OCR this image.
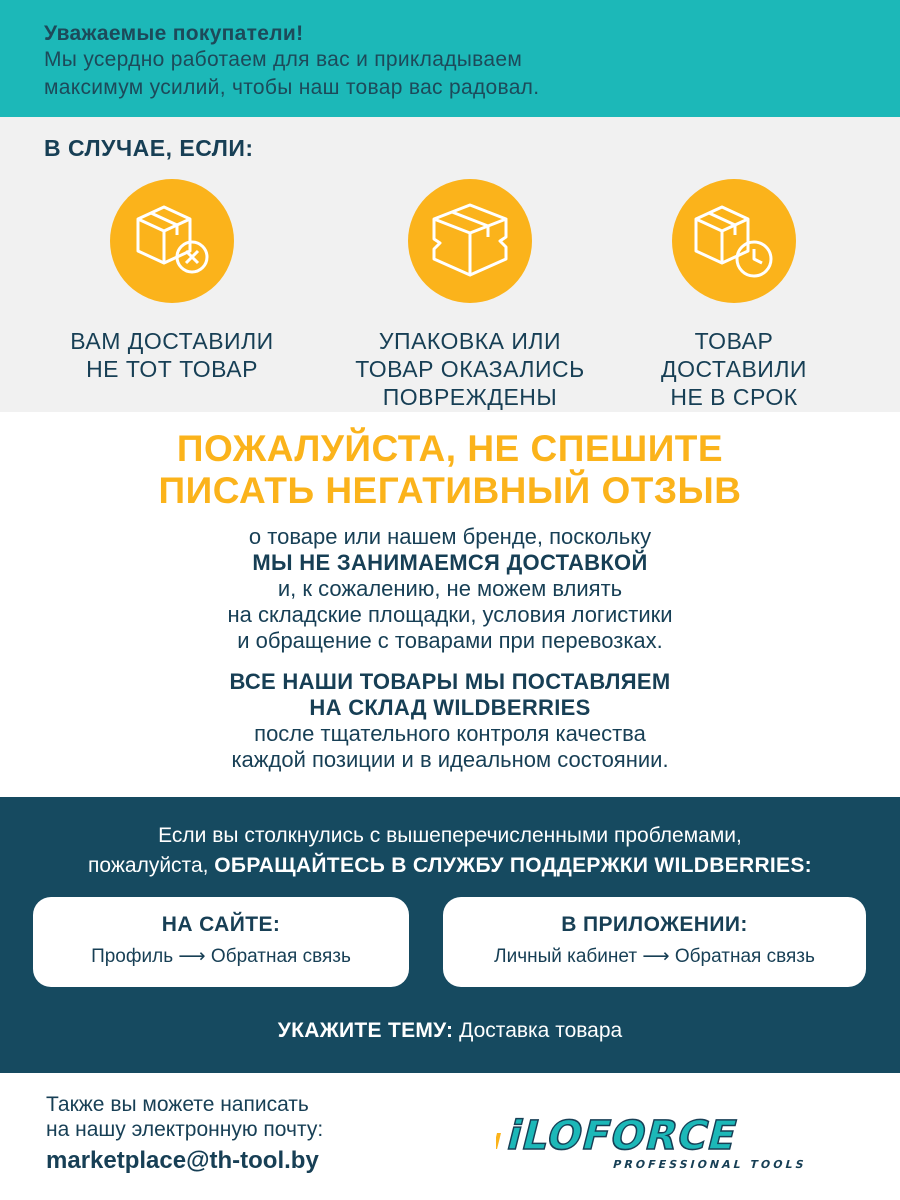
Уважаемые покупатели!
Мы усердно работаем для вас и прикладываем
максимум усилий, чтобы наш товар вас радовал.
В СЛУЧАЕ, ЕСЛИ:
ВАМ ДОСТАВИЛИ
НЕ ТОТ ТОВАР
УПАКОВКА ИЛИ
ТОВАР ОКАЗАЛИСЬ
ПОВРЕЖДЕНЫ
ТОВАР
ДОСТАВИЛИ
НЕ В СРОК
ПОЖАЛУЙСТА, НЕ СПЕШИТЕ
ПИСАТЬ НЕГАТИВНЫЙ ОТЗЫВ
о товаре или нашем бренде, поскольку
МЫ НЕ ЗАНИМАЕМСЯ ДОСТАВКОЙ
и, к сожалению, не можем влиять
на складские площадки, условия логистики
и обращение с товарами при перевозках.
ВСЕ НАШИ ТОВАРЫ МЫ ПОСТАВЛЯЕМ
НА СКЛАД WILDBERRIES
после тщательного контроля качества
каждой позиции и в идеальном состоянии.
Если вы столкнулись с вышеперечисленными проблемами,
пожалуйста, ОБРАЩАЙТЕСЬ В СЛУЖБУ ПОДДЕРЖКИ WILDBERRIES:
НА САЙТЕ:
Профиль ⟶ Обратная связь
В ПРИЛОЖЕНИИ:
Личный кабинет ⟶ Обратная связь
УКАЖИТЕ ТЕМУ: Доставка товара
Также вы можете написать
на нашу электронную почту:
marketplace@th-tool.by
iLOFORCE
PROFESSIONAL TOOLS
